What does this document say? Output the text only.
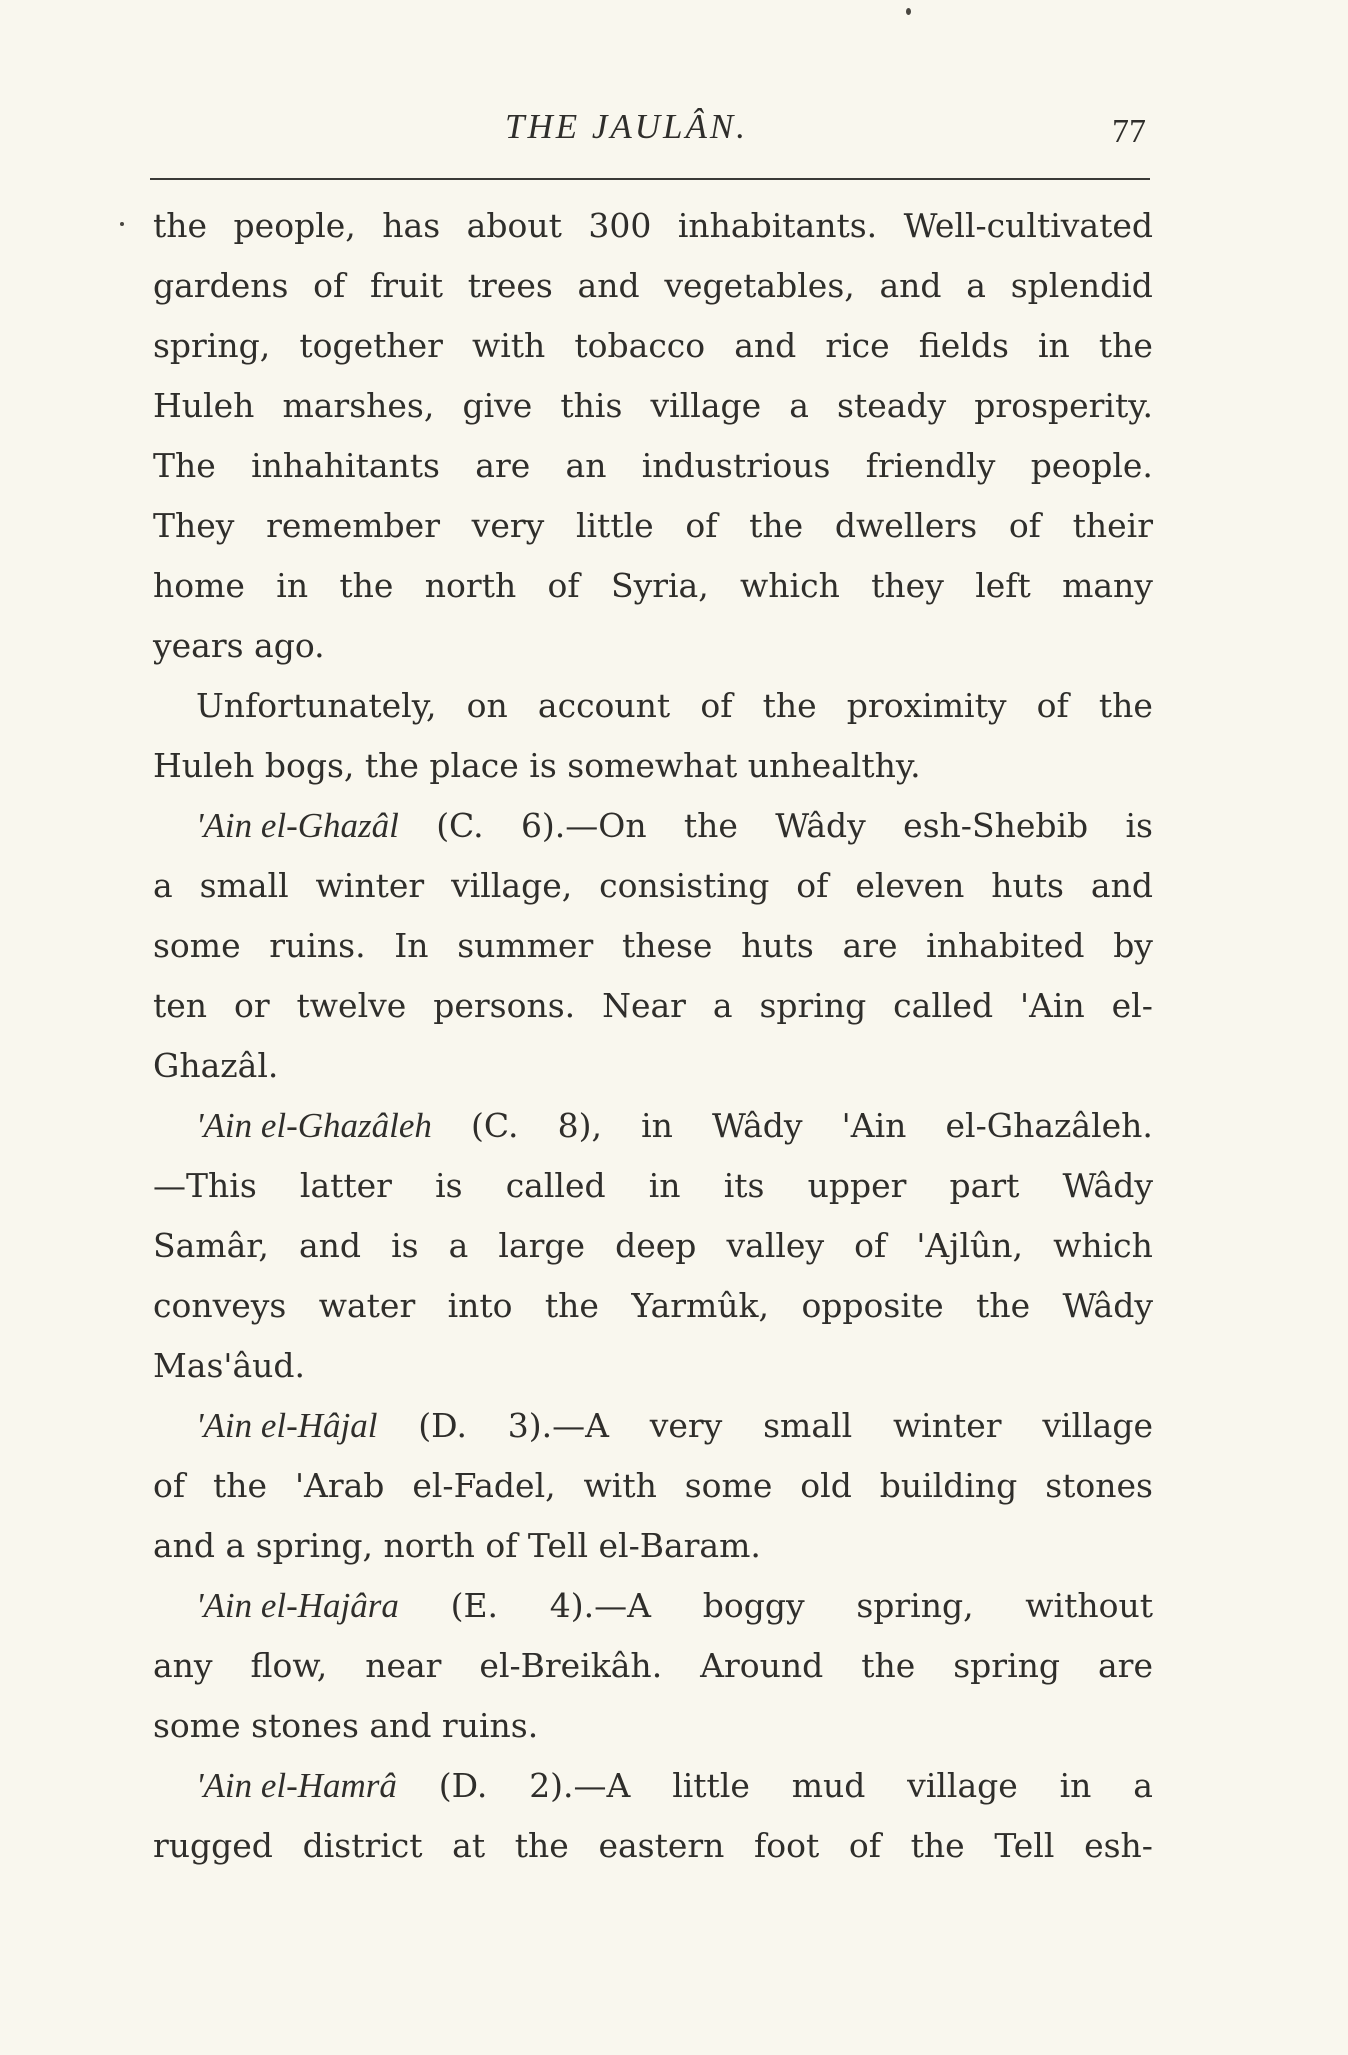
THE JAULÂN.	77
the people, has about 300 inhabitants. Well-cultivated
gardens of fruit trees and vegetables, and a splendid
spring, together with tobacco and rice fields in the
Huleh marshes, give this village a steady prosperity.
The inhahitants are an industrious friendly people.
They remember very little of the dwellers of their
home in the north of Syria, which they left many
years ago.
Unfortunately, on account of the proximity of the
Huleh bogs, the place is somewhat unhealthy.
'Ain el-Ghazâl (C. 6).—On the Wâdy esh-Shebib is
a small winter village, consisting of eleven huts and
some ruins. In summer these huts are inhabited by
ten or twelve persons. Near a spring called 'Ain el-
Ghazâl.
'Ain el-Ghazâleh (C. 8), in Wâdy 'Ain el-Ghazâleh.
—This latter is called in its upper part Wâdy
Samâr, and is a large deep valley of 'Ajlûn, which
conveys water into the Yarmûk, opposite the Wâdy
Mas'âud.
'Ain el-Hâjal (D. 3).—A very small winter village
of the 'Arab el-Fadel, with some old building stones
and a spring, north of Tell el-Baram.
'Ain el-Hajâra (E. 4).—A boggy spring, without
any flow, near el-Breikâh. Around the spring are
some stones and ruins.
'Ain el-Hamrâ (D. 2).—A little mud village in a
rugged district at the eastern foot of the Tell esh-
